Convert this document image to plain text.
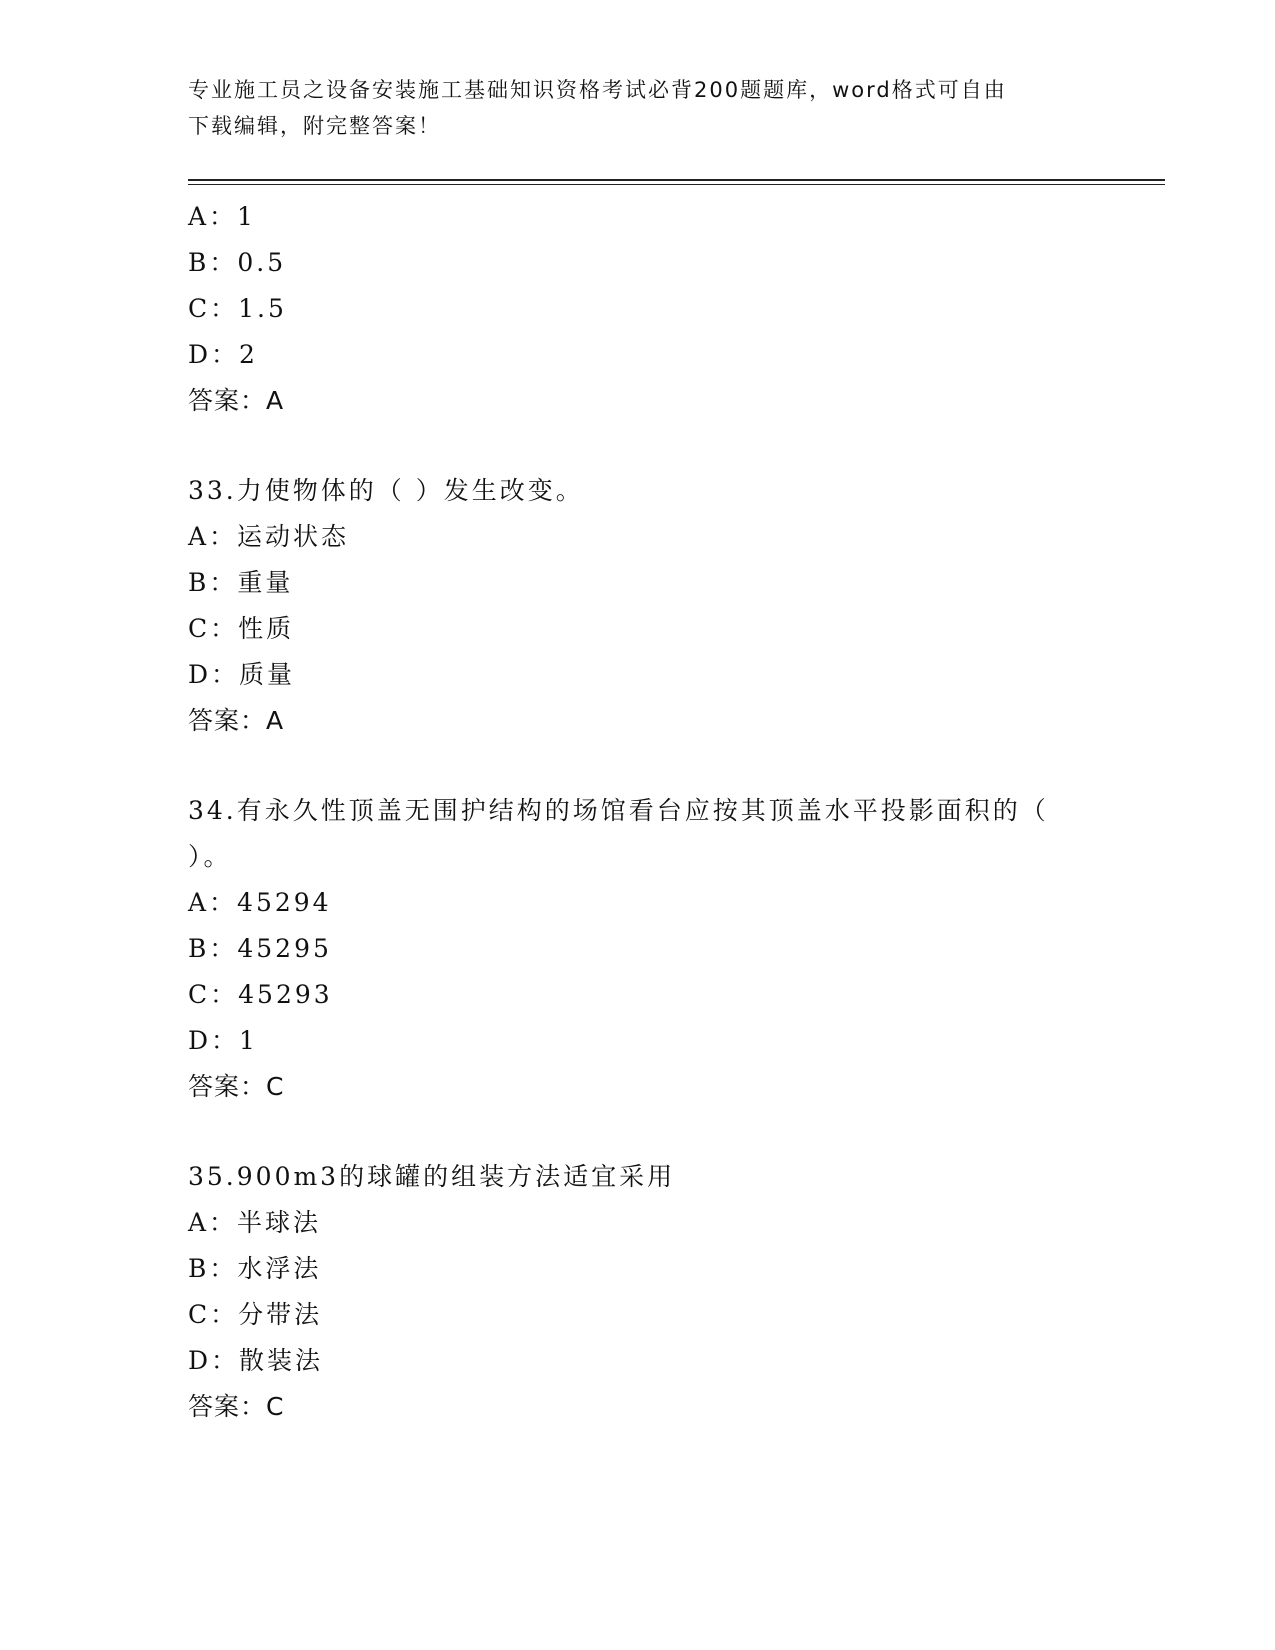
专业施工员之设备安装施工基础知识资格考试必背200题题库，word格式可自由
下载编辑，附完整答案！
A：1
B：0.5
C：1.5
D：2
答案：A
33.力使物体的（ ）发生改变。
A：运动状态
B：重量
C：性质
D：质量
答案：A
34.有永久性顶盖无围护结构的场馆看台应按其顶盖水平投影面积的（
）。
A：45294
B：45295
C：45293
D：1
答案：C
35.900m3的球罐的组装方法适宜采用
A：半球法
B：水浮法
C：分带法
D：散装法
答案：C
